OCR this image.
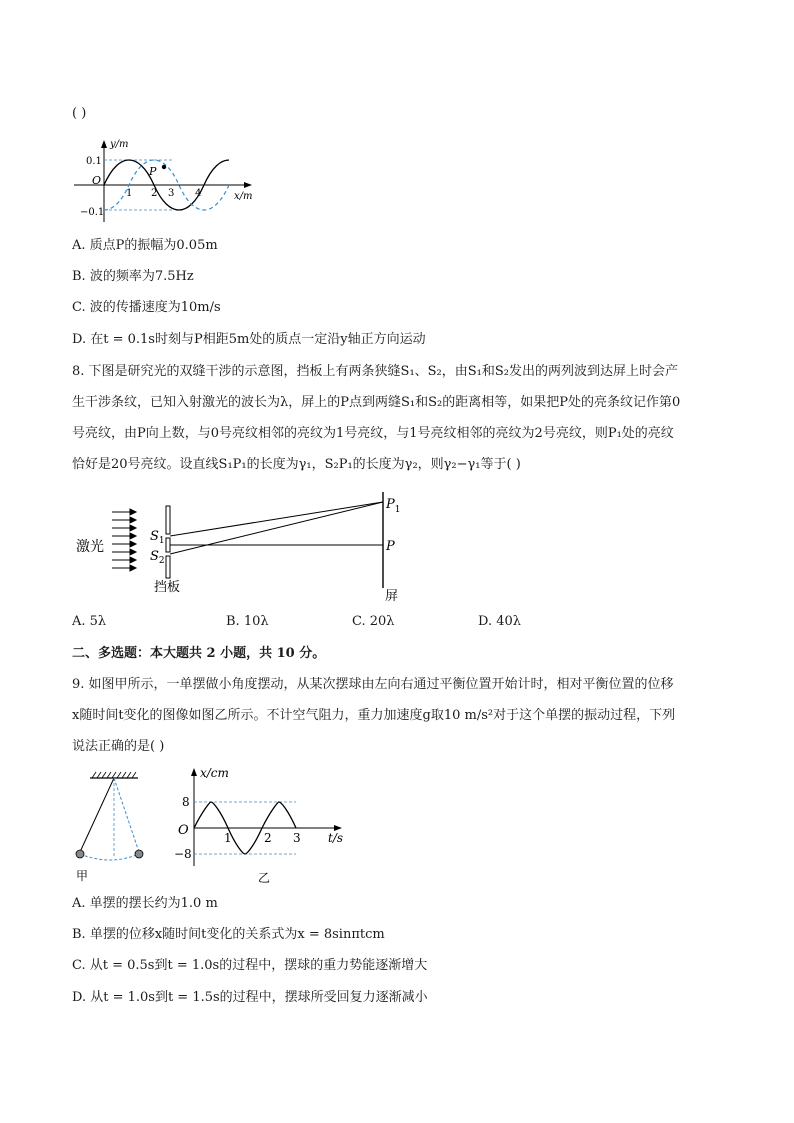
( )
P
y/m
x/m
O
0.1
−0.1
1 2 3 4
A. 质点P的振幅为0.05m
B. 波的频率为7.5Hz
C. 波的传播速度为10m/s
D. 在t = 0.1s时刻与P相距5m处的质点一定沿y轴正方向运动
8. 下图是研究光的双缝干涉的示意图，挡板上有两条狭缝S₁、S₂，由S₁和S₂发出的两列波到达屏上时会产
生干涉条纹，已知入射激光的波长为λ，屏上的P点到两缝S₁和S₂的距离相等，如果把P处的亮条纹记作第0
号亮纹，由P向上数，与0号亮纹相邻的亮纹为1号亮纹，与1号亮纹相邻的亮纹为2号亮纹，则P₁处的亮纹
恰好是20号亮纹。设直线S₁P₁的长度为γ₁，S₂P₁的长度为γ₂，则γ₂−γ₁等于( )
激光
$S_1$
$S_2$
挡板
$P_1$
P
屏
A. 5λ	B. 10λ	C. 20λ	D. 40λ
二、多选题：本大题共 2 小题，共 10 分。
9. 如图甲所示，一单摆做小角度摆动，从某次摆球由左向右通过平衡位置开始计时，相对平衡位置的位移
x随时间t变化的图像如图乙所示。不计空气阻力，重力加速度g取10 m/s²对于这个单摆的振动过程，下列
说法正确的是( )
甲
x/cm
t/s
O
8
−8
1	2 3
乙
A. 单摆的摆长约为1.0 m
B. 单摆的位移x随时间t变化的关系式为x = 8sinπtcm
C. 从t = 0.5s到t = 1.0s的过程中，摆球的重力势能逐渐增大
D. 从t = 1.0s到t = 1.5s的过程中，摆球所受回复力逐渐减小
